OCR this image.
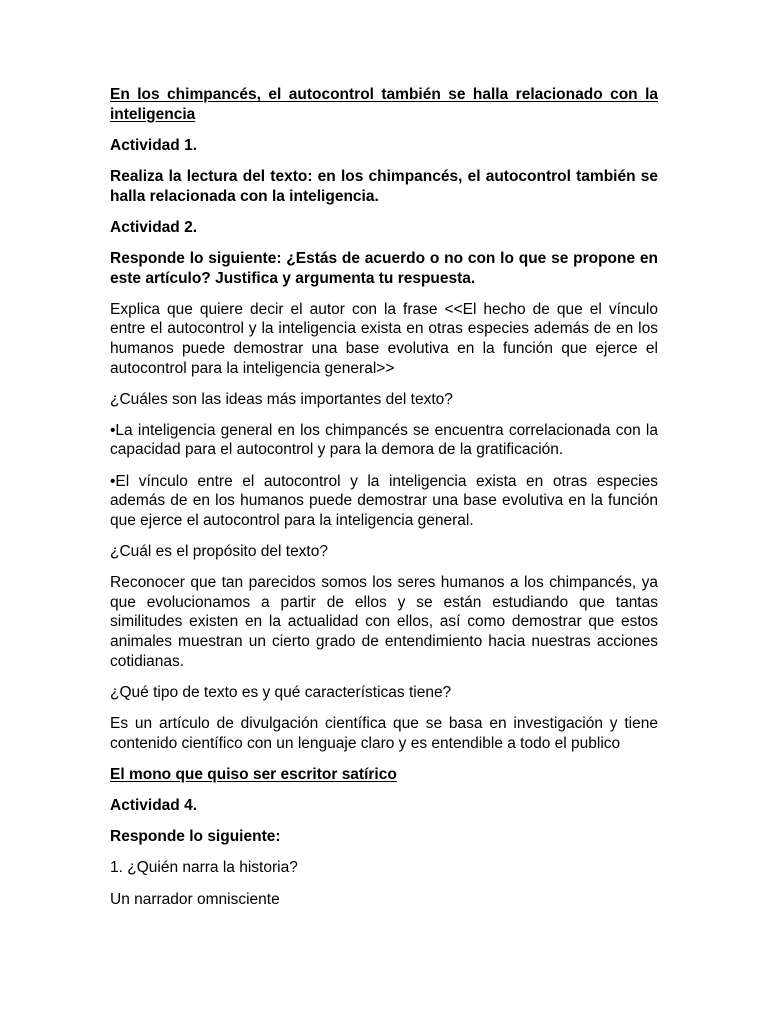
En los chimpancés, el autocontrol también se halla relacionado con la inteligencia

Actividad 1.

Realiza la lectura del texto: en los chimpancés, el autocontrol también se halla relacionada con la inteligencia.

Actividad 2.

Responde lo siguiente: ¿Estás de acuerdo o no con lo que se propone en este artículo? Justifica y argumenta tu respuesta.

Explica que quiere decir el autor con la frase <<El hecho de que el vínculo entre el autocontrol y la inteligencia exista en otras especies además de en los humanos puede demostrar una base evolutiva en la función que ejerce el autocontrol para la inteligencia general>>

¿Cuáles son las ideas más importantes del texto?

•La inteligencia general en los chimpancés se encuentra correlacionada con la capacidad para el autocontrol y para la demora de la gratificación.

•El vínculo entre el autocontrol y la inteligencia exista en otras especies además de en los humanos puede demostrar una base evolutiva en la función que ejerce el autocontrol para la inteligencia general.

¿Cuál es el propósito del texto?

Reconocer que tan parecidos somos los seres humanos a los chimpancés, ya que evolucionamos a partir de ellos y se están estudiando que tantas similitudes existen en la actualidad con ellos, así como demostrar que estos animales muestran un cierto grado de entendimiento hacia nuestras acciones cotidianas.

¿Qué tipo de texto es y qué características tiene?

Es un artículo de divulgación científica que se basa en investigación y tiene contenido científico con un lenguaje claro y es entendible a todo el publico

El mono que quiso ser escritor satírico

Actividad 4.

Responde lo siguiente:

1. ¿Quién narra la historia?

Un narrador omnisciente
